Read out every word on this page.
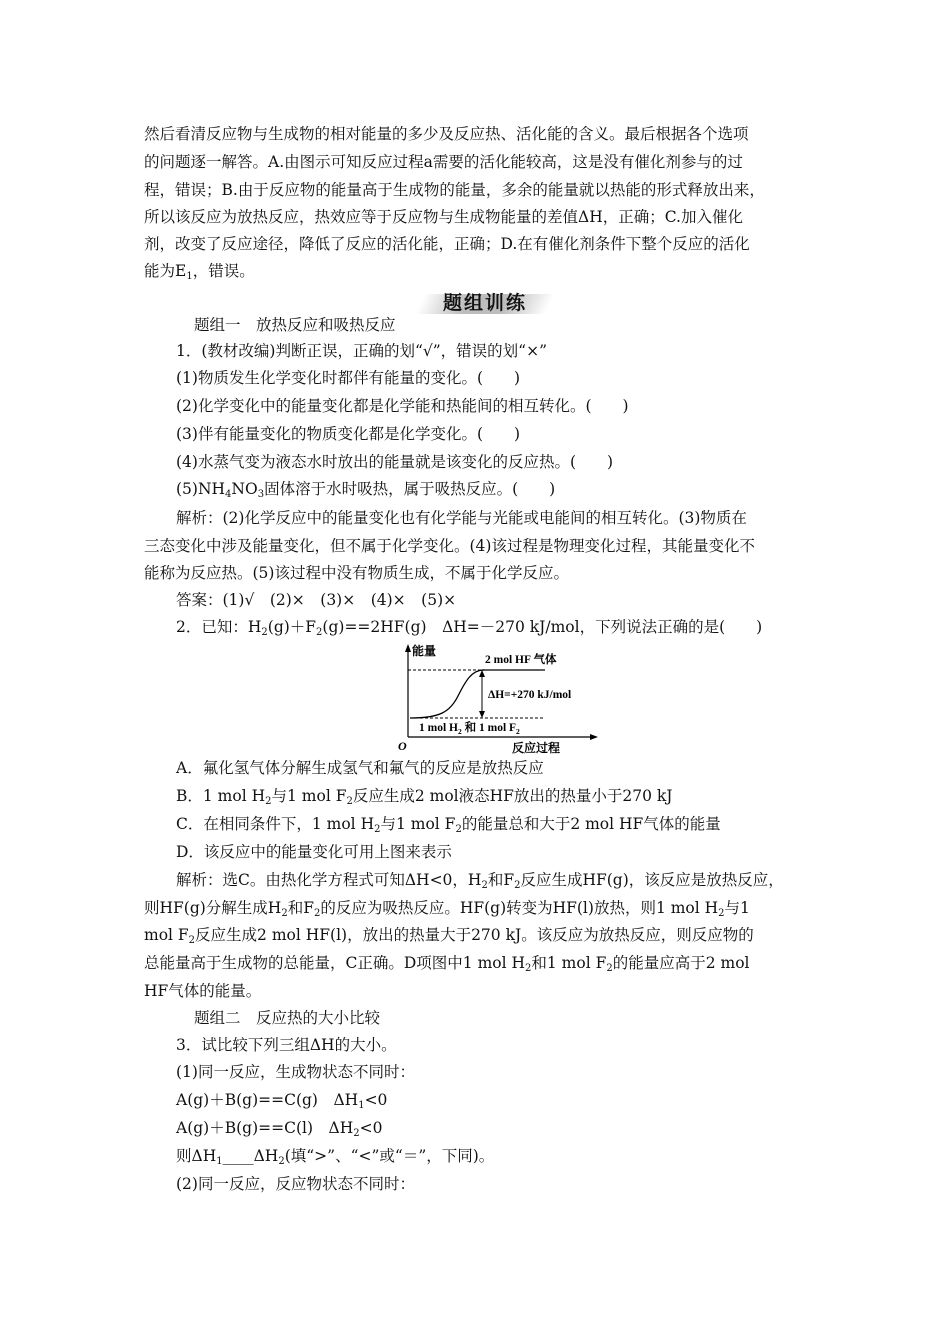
然后看清反应物与生成物的相对能量的多少及反应热、活化能的含义。最后根据各个选项
的问题逐一解答。A.由图示可知反应过程a需要的活化能较高，这是没有催化剂参与的过
程，错误；B.由于反应物的能量高于生成物的能量，多余的能量就以热能的形式释放出来，
所以该反应为放热反应，热效应等于反应物与生成物能量的差值ΔH，正确；C.加入催化
剂，改变了反应途径，降低了反应的活化能，正确；D.在有催化剂条件下整个反应的活化
能为$E_1$，错误。
题组训练
题组一　放热反应和吸热反应
1．(教材改编)判断正误，正确的划“√”，错误的划“×”
(1)物质发生化学变化时都伴有能量的变化。(　　)
(2)化学变化中的能量变化都是化学能和热能间的相互转化。(　　)
(3)伴有能量变化的物质变化都是化学变化。(　　)
(4)水蒸气变为液态水时放出的能量就是该变化的反应热。(　　)
$(5)NH_4NO_3$固体溶于水时吸热，属于吸热反应。(　　)
解析：(2)化学反应中的能量变化也有化学能与光能或电能间的相互转化。(3)物质在
三态变化中涉及能量变化，但不属于化学变化。(4)该过程是物理变化过程，其能量变化不
能称为反应热。(5)该过程中没有物质生成，不属于化学反应。
答案：(1)√　(2)×　(3)×　(4)×　(5)×
2．已知：$H_2(g)+F_2(g)==2HF(g)$　ΔH=－270 kJ/mol，下列说法正确的是(　　)
能量
2 mol HF 气体
ΔH=+270 kJ/mol
1 mol $H_2$ 和 1 mol $F_2$
O	反应过程
A．氟化氢气体分解生成氢气和氟气的反应是放热反应
B．1 mol $H_2$与1 mol $F_2$反应生成2 mol液态HF放出的热量小于270 kJ
C．在相同条件下，1 mol $H_2$与1 mol $F_2$的能量总和大于2 mol HF气体的能量
D．该反应中的能量变化可用上图来表示
解析：选C。由热化学方程式可知ΔH<0，$H_2$和$F_2$反应生成HF(g)，该反应是放热反应，
则HF(g)分解生成$H_2$和$F_2$的反应为吸热反应。HF(g)转变为HF(l)放热，则1 mol $H_2$与1
mol $F_2$反应生成2 mol HF(l)，放出的热量大于270 kJ。该反应为放热反应，则反应物的
总能量高于生成物的总能量，C正确。D项图中1 mol $H_2$和1 mol $F_2$的能量应高于2 mol
HF气体的能量。
题组二　反应热的大小比较
3．试比较下列三组ΔH的大小。
(1)同一反应，生成物状态不同时：
A(g)＋B(g)==C(g)　$\Delta H_1<0$
A(g)＋B(g)==C(l)　$\Delta H_2<0$
则$\Delta H_1\_\_\_\_\Delta H_2$(填“>”、“<”或“＝”，下同)。
(2)同一反应，反应物状态不同时：
